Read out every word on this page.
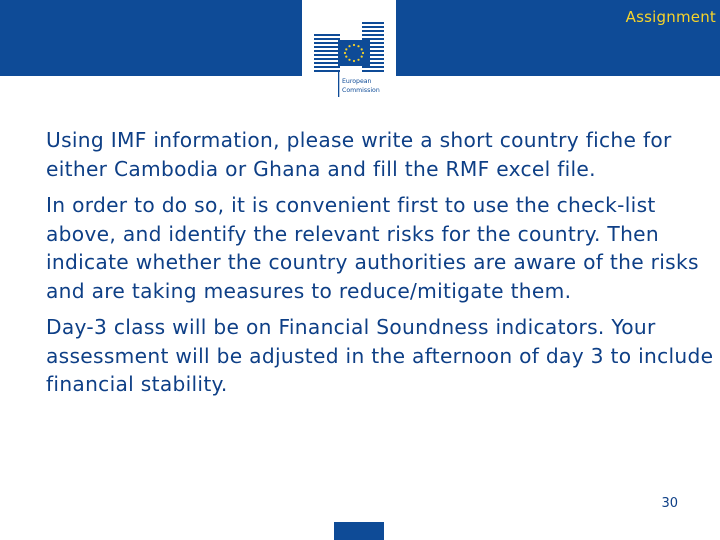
European
Commission
Assignment

Using IMF information, please write a short country fiche for either Cambodia or Ghana and fill the RMF excel file.

In order to do so, it is convenient first to use the check-list above, and identify the relevant risks for the country. Then indicate whether the country authorities are aware of the risks and are taking measures to reduce/mitigate them.

Day-3 class will be on Financial Soundness indicators. Your assessment will be adjusted in the afternoon of day 3 to include financial stability.

30
